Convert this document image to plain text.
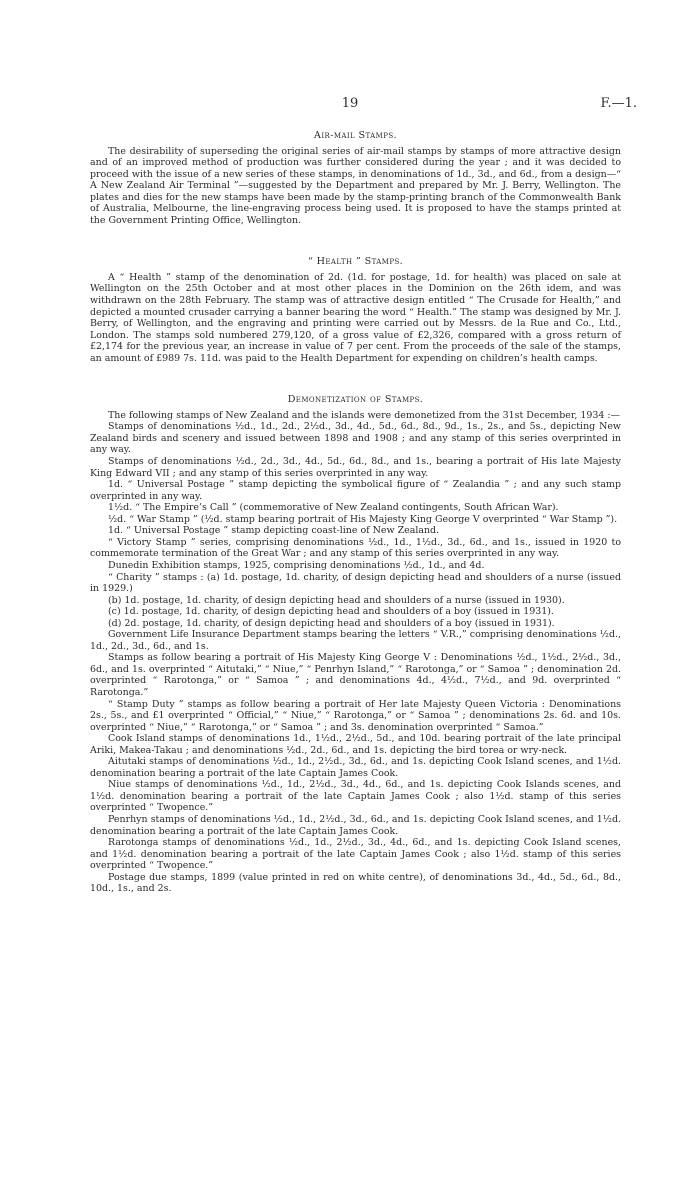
19	F.—1.
Air-mail Stamps.

The desirability of superseding the original series of air-mail stamps by stamps of more attractive design and of an improved method of production was further considered during the year ; and it was decided to proceed with the issue of a new series of these stamps, in denominations of 1d., 3d., and 6d., from a design—“ A New Zealand Air Terminal ”—suggested by the Department and prepared by Mr. J. Berry, Wellington. The plates and dies for the new stamps have been made by the stamp-printing branch of the Commonwealth Bank of Australia, Melbourne, the line-engraving process being used. It is proposed to have the stamps printed at the Government Printing Office, Wellington.

“ Health ” Stamps.

A “ Health ” stamp of the denomination of 2d. (1d. for postage, 1d. for health) was placed on sale at Wellington on the 25th October and at most other places in the Dominion on the 26th idem, and was withdrawn on the 28th February. The stamp was of attractive design entitled “ The Crusade for Health,” and depicted a mounted crusader carrying a banner bearing the word “ Health.” The stamp was designed by Mr. J. Berry, of Wellington, and the engraving and printing were carried out by Messrs. de la Rue and Co., Ltd., London. The stamps sold numbered 279,120, of a gross value of £2,326, compared with a gross return of £2,174 for the previous year, an increase in value of 7 per cent. From the proceeds of the sale of the stamps, an amount of £989 7s. 11d. was paid to the Health Department for expending on children’s health camps.

Demonetization of Stamps.

The following stamps of New Zealand and the islands were demonetized from the 31st December, 1934 :—

Stamps of denominations ½d., 1d., 2d., 2½d., 3d., 4d., 5d., 6d., 8d., 9d., 1s., 2s., and 5s., depicting New Zealand birds and scenery and issued between 1898 and 1908 ; and any stamp of this series overprinted in any way.

Stamps of denominations ½d., 2d., 3d., 4d., 5d., 6d., 8d., and 1s., bearing a portrait of His late Majesty King Edward VII ; and any stamp of this series overprinted in any way.

1d. “ Universal Postage ” stamp depicting the symbolical figure of “ Zealandia ” ; and any such stamp overprinted in any way.

1½d. “ The Empire’s Call ” (commemorative of New Zealand contingents, South African War).

½d. “ War Stamp ” (½d. stamp bearing portrait of His Majesty King George V overprinted “ War Stamp ”).

1d. “ Universal Postage ” stamp depicting coast-line of New Zealand.

“ Victory Stamp ” series, comprising denominations ½d., 1d., 1½d., 3d., 6d., and 1s., issued in 1920 to commemorate termination of the Great War ; and any stamp of this series overprinted in any way.

Dunedin Exhibition stamps, 1925, comprising denominations ½d., 1d., and 4d.

“ Charity ” stamps : (a) 1d. postage, 1d. charity, of design depicting head and shoulders of a nurse (issued in 1929.)

(b) 1d. postage, 1d. charity, of design depicting head and shoulders of a nurse (issued in 1930).

(c) 1d. postage, 1d. charity, of design depicting head and shoulders of a boy (issued in 1931).

(d) 2d. postage, 1d. charity, of design depicting head and shoulders of a boy (issued in 1931).

Government Life Insurance Department stamps bearing the letters “ V.R.,” comprising denominations ½d., 1d., 2d., 3d., 6d., and 1s.

Stamps as follow bearing a portrait of His Majesty King George V : Denominations ½d., 1½d., 2½d., 3d., 6d., and 1s. overprinted “ Aitutaki,” “ Niue,” “ Penrhyn Island,” “ Rarotonga,” or “ Samoa ” ; denomination 2d. overprinted “ Rarotonga,” or “ Samoa ” ; and denominations 4d., 4½d., 7½d., and 9d. overprinted “ Rarotonga.”

“ Stamp Duty ” stamps as follow bearing a portrait of Her late Majesty Queen Victoria : Denominations 2s., 5s., and £1 overprinted “ Official,” “ Niue,” “ Rarotonga,” or “ Samoa ” ; denominations 2s. 6d. and 10s. overprinted “ Niue,” “ Rarotonga,” or “ Samoa ” ; and 3s. denomination overprinted “ Samoa.”

Cook Island stamps of denominations 1d., 1½d., 2½d., 5d., and 10d. bearing portrait of the late principal Ariki, Makea-Takau ; and denominations ½d., 2d., 6d., and 1s. depicting the bird torea or wry-neck.

Aitutaki stamps of denominations ½d., 1d., 2½d., 3d., 6d., and 1s. depicting Cook Island scenes, and 1½d. denomination bearing a portrait of the late Captain James Cook.

Niue stamps of denominations ½d., 1d., 2½d., 3d., 4d., 6d., and 1s. depicting Cook Islands scenes, and 1½d. denomination bearing a portrait of the late Captain James Cook ; also 1½d. stamp of this series overprinted “ Twopence.”

Penrhyn stamps of denominations ½d., 1d., 2½d., 3d., 6d., and 1s. depicting Cook Island scenes, and 1½d. denomination bearing a portrait of the late Captain James Cook.

Rarotonga stamps of denominations ½d., 1d., 2½d., 3d., 4d., 6d., and 1s. depicting Cook Island scenes, and 1½d. denomination bearing a portrait of the late Captain James Cook ; also 1½d. stamp of this series overprinted “ Twopence.”

Postage due stamps, 1899 (value printed in red on white centre), of denominations 3d., 4d., 5d., 6d., 8d., 10d., 1s., and 2s.
